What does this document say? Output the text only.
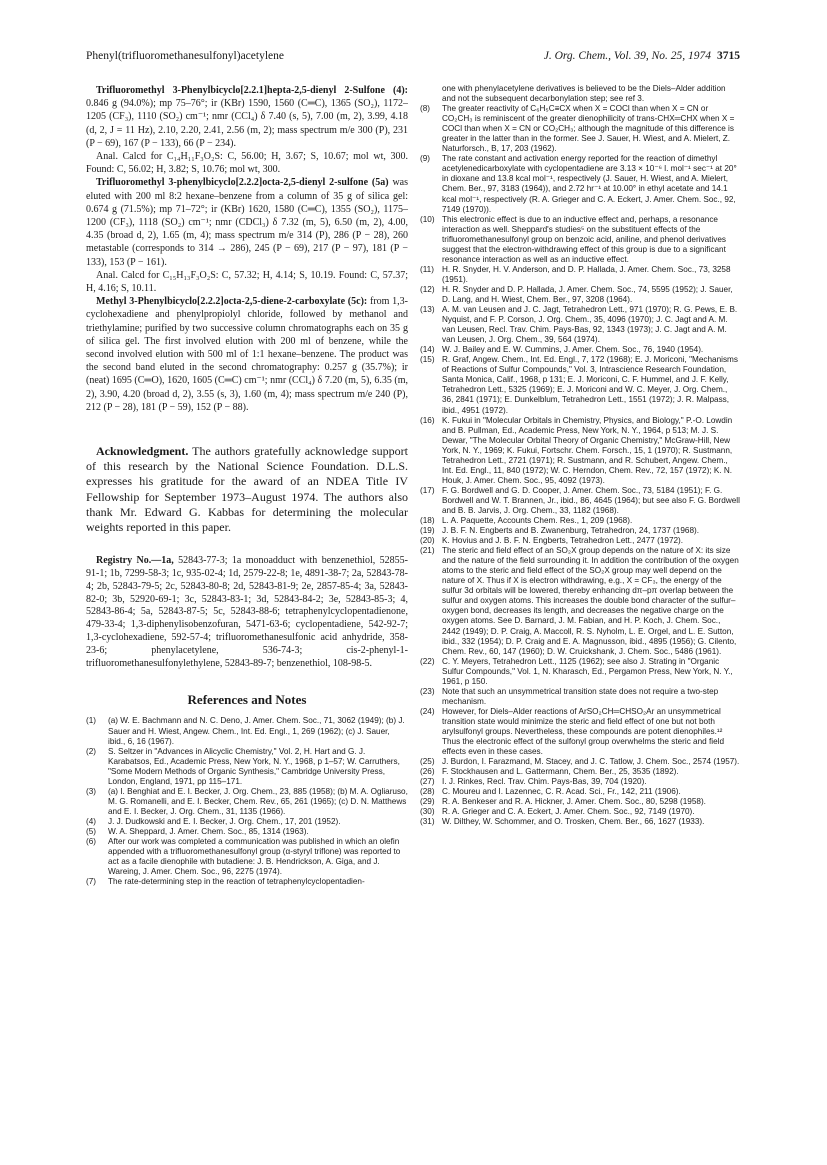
Phenyl(trifluoromethanesulfonyl)acetylene	J. Org. Chem., Vol. 39, No. 25, 1974 3715

Trifluoromethyl 3-Phenylbicyclo[2.2.1]hepta-2,5-dienyl 2-Sulfone (4): 0.846 g (94.0%); mp 75–76°; ir (KBr) 1590, 1560 (C═C), 1365 (SO₂), 1172–1205 (CF₃), 1110 (SO₂) cm⁻¹; nmr (CCl₄) δ 7.40 (s, 5), 7.00 (m, 2), 3.99, 4.18 (d, 2, J = 11 Hz), 2.10, 2.20, 2.41, 2.56 (m, 2); mass spectrum m/e 300 (P), 231 (P − 69), 167 (P − 133), 66 (P − 234).

Anal. Calcd for C₁₄H₁₁F₃O₂S: C, 56.00; H, 3.67; S, 10.67; mol wt, 300. Found: C, 56.02; H, 3.82; S, 10.76; mol wt, 300.

Trifluoromethyl 3-phenylbicyclo[2.2.2]octa-2,5-dienyl 2-sulfone (5a) was eluted with 200 ml 8:2 hexane–benzene from a column of 35 g of silica gel: 0.674 g (71.5%); mp 71–72°; ir (KBr) 1620, 1580 (C═C), 1355 (SO₂), 1175–1200 (CF₃), 1118 (SO₂) cm⁻¹; nmr (CDCl₃) δ 7.32 (m, 5), 6.50 (m, 2), 4.00, 4.35 (broad d, 2), 1.65 (m, 4); mass spectrum m/e 314 (P), 286 (P − 28), 260 metastable (corresponds to 314 → 286), 245 (P − 69), 217 (P − 97), 181 (P − 133), 153 (P − 161).

Anal. Calcd for C₁₅H₁₃F₃O₂S: C, 57.32; H, 4.14; S, 10.19. Found: C, 57.37; H, 4.16; S, 10.11.

Methyl 3-Phenylbicyclo[2.2.2]octa-2,5-diene-2-carboxylate (5c): from 1,3-cyclohexadiene and phenylpropiolyl chloride, followed by methanol and triethylamine; purified by two successive column chromatographs each on 35 g of silica gel. The first involved elution with 200 ml of benzene, while the second involved elution with 500 ml of 1:1 hexane–benzene. The product was the second band eluted in the second chromatography: 0.257 g (35.7%); ir (neat) 1695 (C═O), 1620, 1605 (C═C) cm⁻¹; nmr (CCl₄) δ 7.20 (m, 5), 6.35 (m, 2), 3.90, 4.20 (broad d, 2), 3.55 (s, 3), 1.60 (m, 4); mass spectrum m/e 240 (P), 212 (P − 28), 181 (P − 59), 152 (P − 88).

Acknowledgment. The authors gratefully acknowledge support of this research by the National Science Foundation. D.L.S. expresses his gratitude for the award of an NDEA Title IV Fellowship for September 1973–August 1974. The authors also thank Mr. Edward G. Kabbas for determining the molecular weights reported in this paper.

Registry No.—1a, 52843-77-3; 1a monoadduct with benzenethiol, 52855-91-1; 1b, 7299-58-3; 1c, 935-02-4; 1d, 2579-22-8; 1e, 4891-38-7; 2a, 52843-78-4; 2b, 52843-79-5; 2c, 52843-80-8; 2d, 52843-81-9; 2e, 2857-85-4; 3a, 52843-82-0; 3b, 52920-69-1; 3c, 52843-83-1; 3d, 52843-84-2; 3e, 52843-85-3; 4, 52843-86-4; 5a, 52843-87-5; 5c, 52843-88-6; tetraphenylcyclopentadienone, 479-33-4; 1,3-diphenylisobenzofuran, 5471-63-6; cyclopentadiene, 542-92-7; 1,3-cyclohexadiene, 592-57-4; trifluoromethanesulfonic acid anhydride, 358-23-6; phenylacetylene, 536-74-3; cis-2-phenyl-1-trifluoromethanesulfonylethylene, 52843-89-7; benzenethiol, 108-98-5.

References and Notes
(1)	(a) W. E. Bachmann and N. C. Deno, J. Amer. Chem. Soc., 71, 3062 (1949); (b) J. Sauer and H. Wiest, Angew. Chem., Int. Ed. Engl., 1, 269 (1962); (c) J. Sauer, ibid., 6, 16 (1967).
(2)	S. Seltzer in "Advances in Alicyclic Chemistry," Vol. 2, H. Hart and G. J. Karabatsos, Ed., Academic Press, New York, N. Y., 1968, p 1–57; W. Carruthers, "Some Modern Methods of Organic Synthesis," Cambridge University Press, London, England, 1971, pp 115–171.
(3)	(a) I. Benghiat and E. I. Becker, J. Org. Chem., 23, 885 (1958); (b) M. A. Ogliaruso, M. G. Romanelli, and E. I. Becker, Chem. Rev., 65, 261 (1965); (c) D. N. Matthews and E. I. Becker, J. Org. Chem., 31, 1135 (1966).
(4)	J. J. Dudkowski and E. I. Becker, J. Org. Chem., 17, 201 (1952).
(5)	W. A. Sheppard, J. Amer. Chem. Soc., 85, 1314 (1963).
(6)	After our work was completed a communication was published in which an olefin appended with a trifluoromethanesulfonyl group (α-styryl triflone) was reported to act as a facile dienophile with butadiene: J. B. Hendrickson, A. Giga, and J. Wareing, J. Amer. Chem. Soc., 96, 2275 (1974).
(7)	The rate-determining step in the reaction of tetraphenylcyclopentadien-
one with phenylacetylene derivatives is believed to be the Diels–Alder addition and not the subsequent decarbonylation step; see ref 3.
(8)	The greater reactivity of C₆H₅C≡CX when X = COCl than when X = CN or CO₂CH₃ is reminiscent of the greater dienophilicity of trans-CHX═CHX when X = COCl than when X = CN or CO₂CH₃; although the magnitude of this difference is greater in the latter than in the former. See J. Sauer, H. Wiest, and A. Mielert, Z. Naturforsch., B, 17, 203 (1962).
(9)	The rate constant and activation energy reported for the reaction of dimethyl acetylenedicarboxylate with cyclopentadiene are 3.13 × 10⁻⁶ l. mol⁻¹ sec⁻¹ at 20° in dioxane and 13.8 kcal mol⁻¹, respectively (J. Sauer, H. Wiest, and A. Mielert, Chem. Ber., 97, 3183 (1964)), and 2.72 hr⁻¹ at 10.00° in ethyl acetate and 14.1 kcal mol⁻¹, respectively (R. A. Grieger and C. A. Eckert, J. Amer. Chem. Soc., 92, 7149 (1970)).
(10) This electronic effect is due to an inductive effect and, perhaps, a resonance interaction as well. Sheppard's studies⁵ on the substituent effects of the trifluoromethanesulfonyl group on benzoic acid, aniline, and phenol derivatives suggest that the electron-withdrawing effect of this group is due to a significant resonance interaction as well as an inductive effect.
(11) H. R. Snyder, H. V. Anderson, and D. P. Hallada, J. Amer. Chem. Soc., 73, 3258 (1951).
(12) H. R. Snyder and D. P. Hallada, J. Amer. Chem. Soc., 74, 5595 (1952); J. Sauer, D. Lang, and H. Wiest, Chem. Ber., 97, 3208 (1964).
(13) A. M. van Leusen and J. C. Jagt, Tetrahedron Lett., 971 (1970); R. G. Pews, E. B. Nyquist, and F. P. Corson, J. Org. Chem., 35, 4096 (1970); J. C. Jagt and A. M. van Leusen, Recl. Trav. Chim. Pays-Bas, 92, 1343 (1973); J. C. Jagt and A. M. van Leusen, J. Org. Chem., 39, 564 (1974).
(14) W. J. Bailey and E. W. Cummins, J. Amer. Chem. Soc., 76, 1940 (1954).
(15) R. Graf, Angew. Chem., Int. Ed. Engl., 7, 172 (1968); E. J. Moriconi, "Mechanisms of Reactions of Sulfur Compounds," Vol. 3, Intrascience Research Foundation, Santa Monica, Calif., 1968, p 131; E. J. Moriconi, C. F. Hummel, and J. F. Kelly, Tetrahedron Lett., 5325 (1969); E. J. Moriconi and W. C. Meyer, J. Org. Chem., 36, 2841 (1971); E. Dunkelblum, Tetrahedron Lett., 1551 (1972); J. R. Malpass, ibid., 4951 (1972).
(16) K. Fukui in "Molecular Orbitals in Chemistry, Physics, and Biology," P.-O. Lowdin and B. Pullman, Ed., Academic Press, New York, N. Y., 1964, p 513; M. J. S. Dewar, "The Molecular Orbital Theory of Organic Chemistry," McGraw-Hill, New York, N. Y., 1969; K. Fukui, Fortschr. Chem. Forsch., 15, 1 (1970); R. Sustmann, Tetrahedron Lett., 2721 (1971); R. Sustmann, and R. Schubert, Angew. Chem., Int. Ed. Engl., 11, 840 (1972); W. C. Herndon, Chem. Rev., 72, 157 (1972); K. N. Houk, J. Amer. Chem. Soc., 95, 4092 (1973).
(17) F. G. Bordwell and G. D. Cooper, J. Amer. Chem. Soc., 73, 5184 (1951); F. G. Bordwell and W. T. Brannen, Jr., ibid., 86, 4645 (1964); but see also F. G. Bordwell and B. B. Jarvis, J. Org. Chem., 33, 1182 (1968).
(18) L. A. Paquette, Accounts Chem. Res., 1, 209 (1968).
(19) J. B. F. N. Engberts and B. Zwanenburg, Tetrahedron, 24, 1737 (1968).
(20) K. Hovius and J. B. F. N. Engberts, Tetrahedron Lett., 2477 (1972).
(21) The steric and field effect of an SO₂X group depends on the nature of X: its size and the nature of the field surrounding it. In addition the contribution of the oxygen atoms to the steric and field effect of the SO₂X group may well depend on the nature of X. Thus if X is electron withdrawing, e.g., X = CF₃, the energy of the sulfur 3d orbitals will be lowered, thereby enhancing dπ–pπ overlap between the sulfur and oxygen atoms. This increases the double bond character of the sulfur–oxygen bond, decreases its length, and decreases the negative charge on the oxygen atoms. See D. Barnard, J. M. Fabian, and H. P. Koch, J. Chem. Soc., 2442 (1949); D. P. Craig, A. Maccoll, R. S. Nyholm, L. E. Orgel, and L. E. Sutton, ibid., 332 (1954); D. P. Craig and E. A. Magnusson, ibid., 4895 (1956); G. Cilento, Chem. Rev., 60, 147 (1960); D. W. Cruickshank, J. Chem. Soc., 5486 (1961).
(22) C. Y. Meyers, Tetrahedron Lett., 1125 (1962); see also J. Strating in "Organic Sulfur Compounds," Vol. 1, N. Kharasch, Ed., Pergamon Press, New York, N. Y., 1961, p 150.
(23) Note that such an unsymmetrical transition state does not require a two-step mechanism.
(24) However, for Diels–Alder reactions of ArSO₂CH═CHSO₂Ar an unsymmetrical transition state would minimize the steric and field effect of one but not both arylsulfonyl groups. Nevertheless, these compounds are potent dienophiles.¹² Thus the electronic effect of the sulfonyl group overwhelms the steric and field effects even in these cases.
(25) J. Burdon, I. Farazmand, M. Stacey, and J. C. Tatlow, J. Chem. Soc., 2574 (1957).
(26) F. Stockhausen and L. Gattermann, Chem. Ber., 25, 3535 (1892).
(27) I. J. Rinkes, Recl. Trav. Chim. Pays-Bas, 39, 704 (1920).
(28) C. Moureu and I. Lazennec, C. R. Acad. Sci., Fr., 142, 211 (1906).
(29) R. A. Benkeser and R. A. Hickner, J. Amer. Chem. Soc., 80, 5298 (1958).
(30) R. A. Grieger and C. A. Eckert, J. Amer. Chem. Soc., 92, 7149 (1970).
(31) W. Dilthey, W. Schommer, and O. Trosken, Chem. Ber., 66, 1627 (1933).
